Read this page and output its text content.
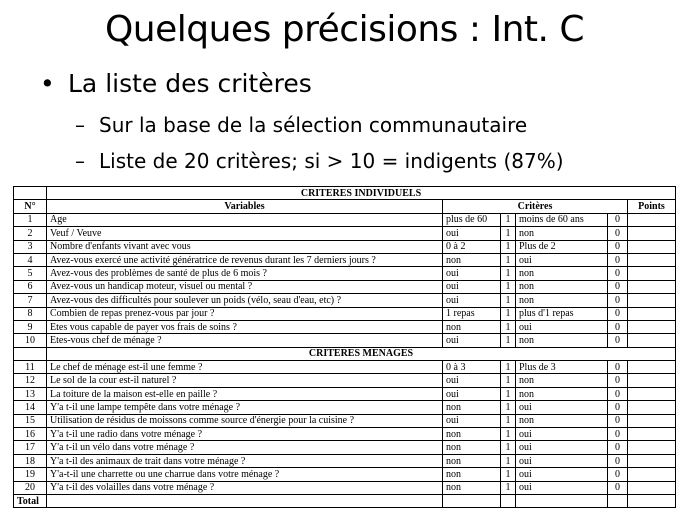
Quelques précisions : Int. C
• La liste des critères
– Sur la base de la sélection communautaire
– Liste de 20 critères; si > 10 = indigents (87%)
	CRITERES INDIVIDUELS					
N°	Variables	Critères				Points
1	Age	plus de 60	1	moins de 60 ans	0	
2	Veuf / Veuve	oui	1	non	0	
3	Nombre d'enfants vivant avec vous	0 à 2	1	Plus de 2	0	
4	Avez-vous exercé une activité génératrice de revenus durant les 7 derniers jours ?	non	1	oui	0	
5	Avez-vous des problèmes de santé de plus de 6 mois ?	oui	1	non	0	
6	Avez-vous un handicap moteur, visuel ou mental ?	oui	1	non	0	
7	Avez-vous des difficultés pour soulever un poids (vélo, seau d'eau, etc) ?	oui	1	non	0	
8	Combien de repas prenez-vous par jour ?	1 repas	1	plus d'1 repas	0	
9	Etes vous capable de payer vos frais de soins ?	non	1	oui	0	
10	Etes-vous chef de ménage ?	oui	1	non	0	
	CRITERES MENAGES					
11	Le chef de ménage est-il une femme ?	0 à 3	1	Plus de 3	0	
12	Le sol de la cour est-il naturel ?	oui	1	non	0	
13	La toiture de la maison est-elle en paille ?	oui	1	non	0	
14	Y'a t-il une lampe tempête dans votre ménage ?	non	1	oui	0	
15	Utilisation de résidus de moissons comme source d'énergie pour la cuisine ?	oui	1	non	0	
16	Y'a t-il une radio dans votre ménage ?	non	1	oui	0	
17	Y'a t-il un vélo dans votre ménage ?	non	1	oui	0	
18	Y'a t-il des animaux de trait dans votre ménage ?	non	1	oui	0	
19	Y'a-t-il une charrette ou une charrue dans votre ménage ?	non	1	oui	0	
20	Y'a t-il des volailles dans votre ménage ?	non	1	oui	0	
Total						
